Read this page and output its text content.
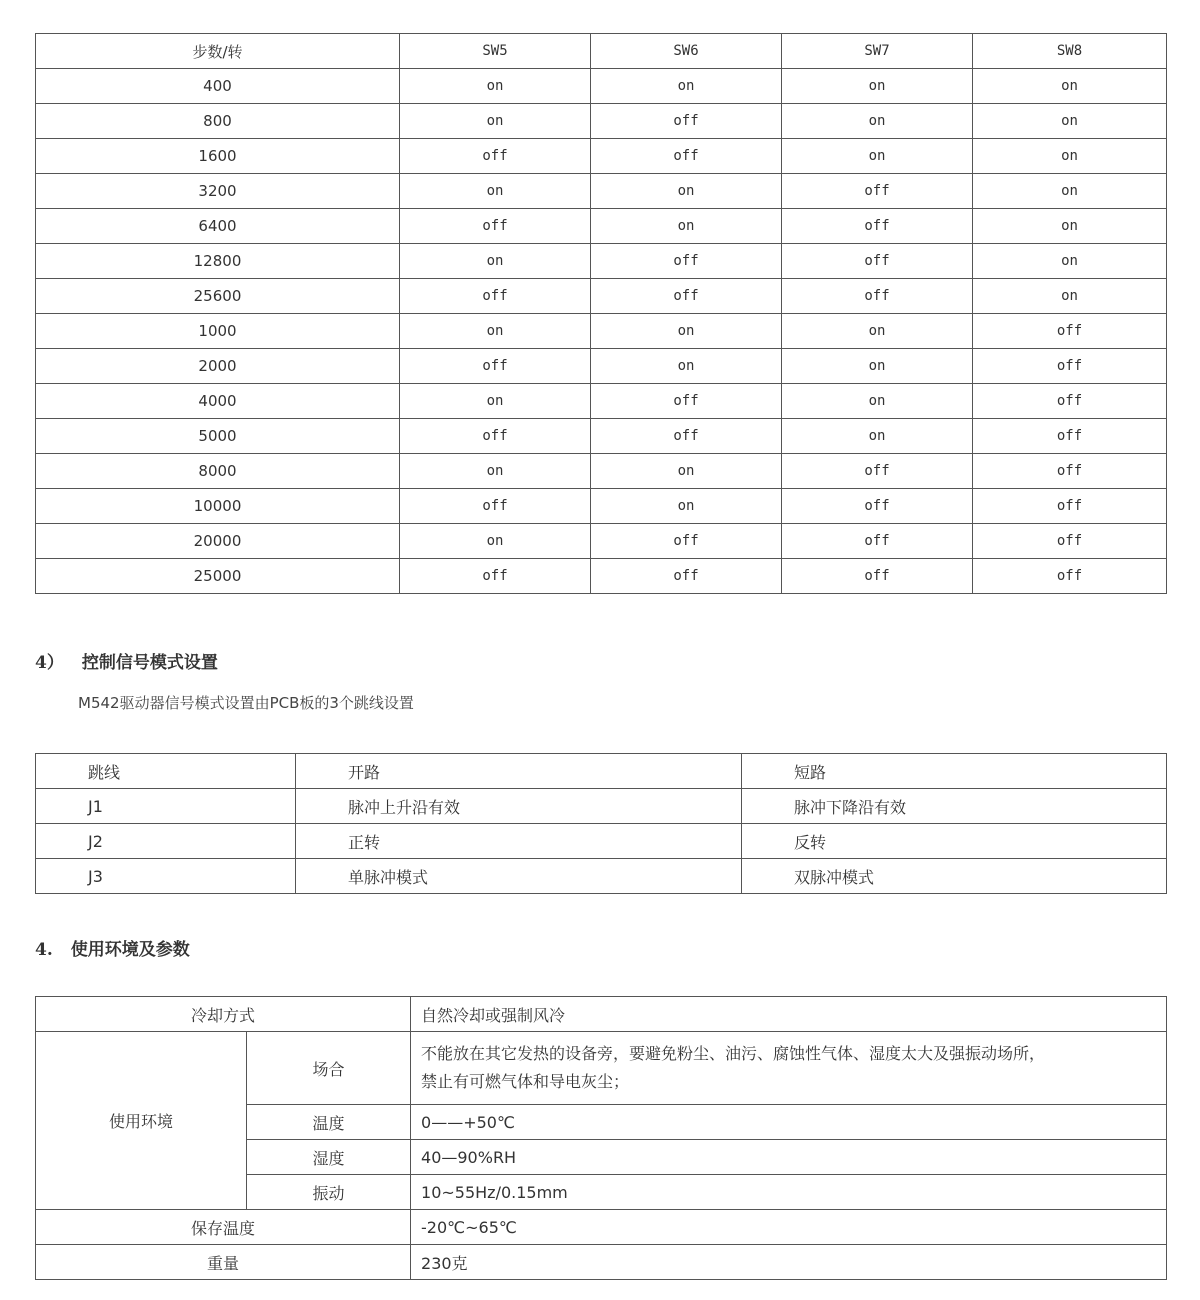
步数/转	SW5	SW6	SW7	SW8
400	on	on	on	on
800	on	off	on	on
1600	off	off	on	on
3200	on	on	off	on
6400	off	on	off	on
12800	on	off	off	on
25600	off	off	off	on
1000	on	on	on	off
2000	off	on	on	off
4000	on	off	on	off
5000	off	off	on	off
8000	on	on	off	off
10000	off	on	off	off
20000	on	off	off	off
25000	off	off	off	off
4） 控制信号模式设置
M542驱动器信号模式设置由PCB板的3个跳线设置
跳线	开路	短路
J1	脉冲上升沿有效	脉冲下降沿有效
J2	正转	反转
J3	单脉冲模式	双脉冲模式
4. 使用环境及参数
冷却方式		自然冷却或强制风冷
使用环境	场合	不能放在其它发热的设备旁，要避免粉尘、油污、腐蚀性气体、湿度太大及强振动场所，
禁止有可燃气体和导电灰尘；

	温度	0——+50℃
	湿度	40—90%RH
	振动	10~55Hz/0.15mm
保存温度		-20℃~65℃
重量		230克
